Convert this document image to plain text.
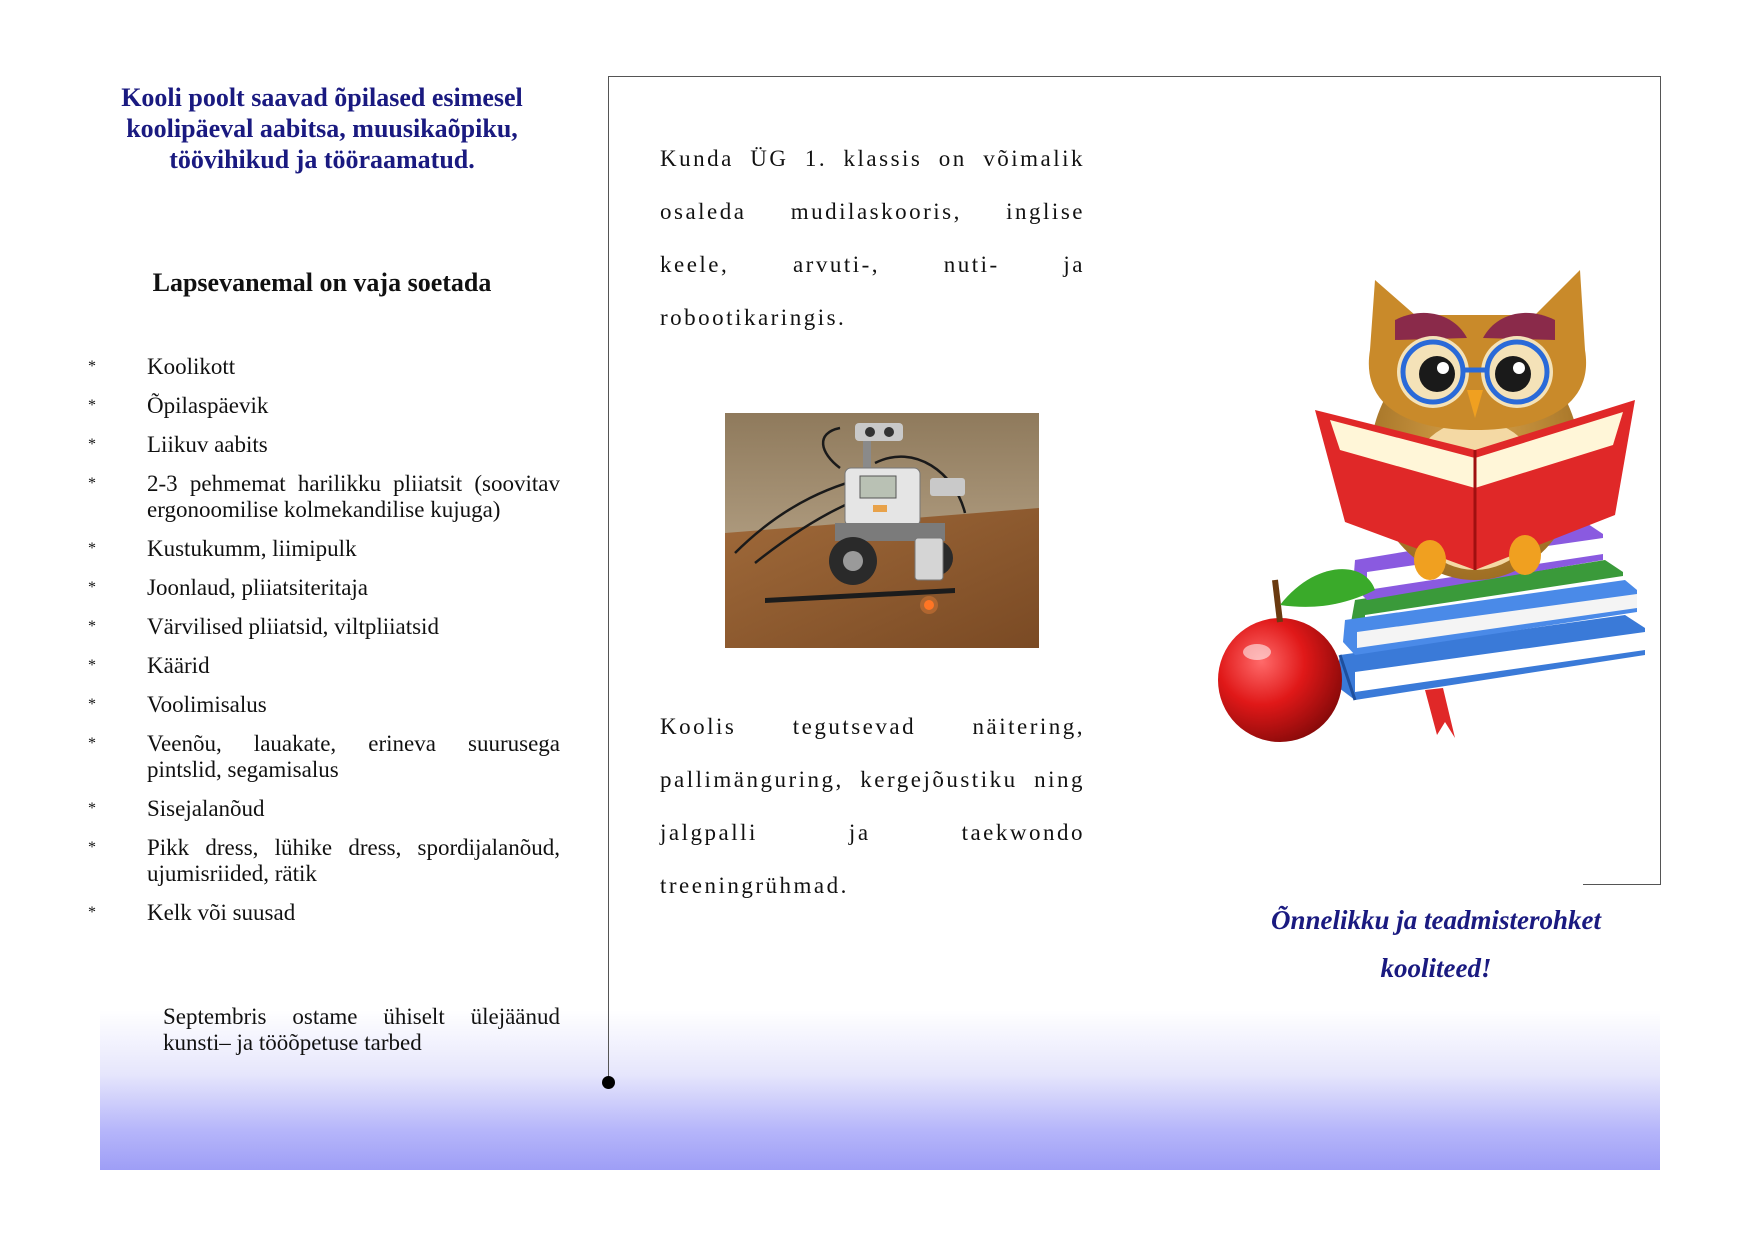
Kooli poolt saavad õpilased esimesel koolipäeval aabitsa, muusikaõpiku, töövihikud ja tööraamatud.
Lapsevanemal on vaja soetada
*	Koolikott
*	Õpilaspäevik
*	Liikuv aabits
*	2-3 pehmemat harilikku pliiatsit (soovitav ergonoomilise kolmekandilise kujuga)
*	Kustukumm, liimipulk
*	Joonlaud, pliiatsiteritaja
*	Värvilised pliiatsid, viltpliiatsid
*	Käärid
*	Voolimisalus
*	Veenõu, lauakate, erineva suurusega pintslid, segamisalus
*	Sisejalanõud
*	Pikk dress, lühike dress, spordijalanõud, ujumisriided, rätik
*	Kelk või suusad
Septembris ostame ühiselt ülejäänud kunsti– ja tööõpetuse tarbed

Kunda ÜG 1. klassis on võimalik osaleda mudilaskooris, inglise keele, arvuti-, nuti- ja robootikaringis.

Koolis tegutsevad näitering, pallimänguring, kergejõustiku ning jalgpalli ja taekwondo treeningrühmad.

Õnnelikku ja teadmisterohket
kooliteed!
